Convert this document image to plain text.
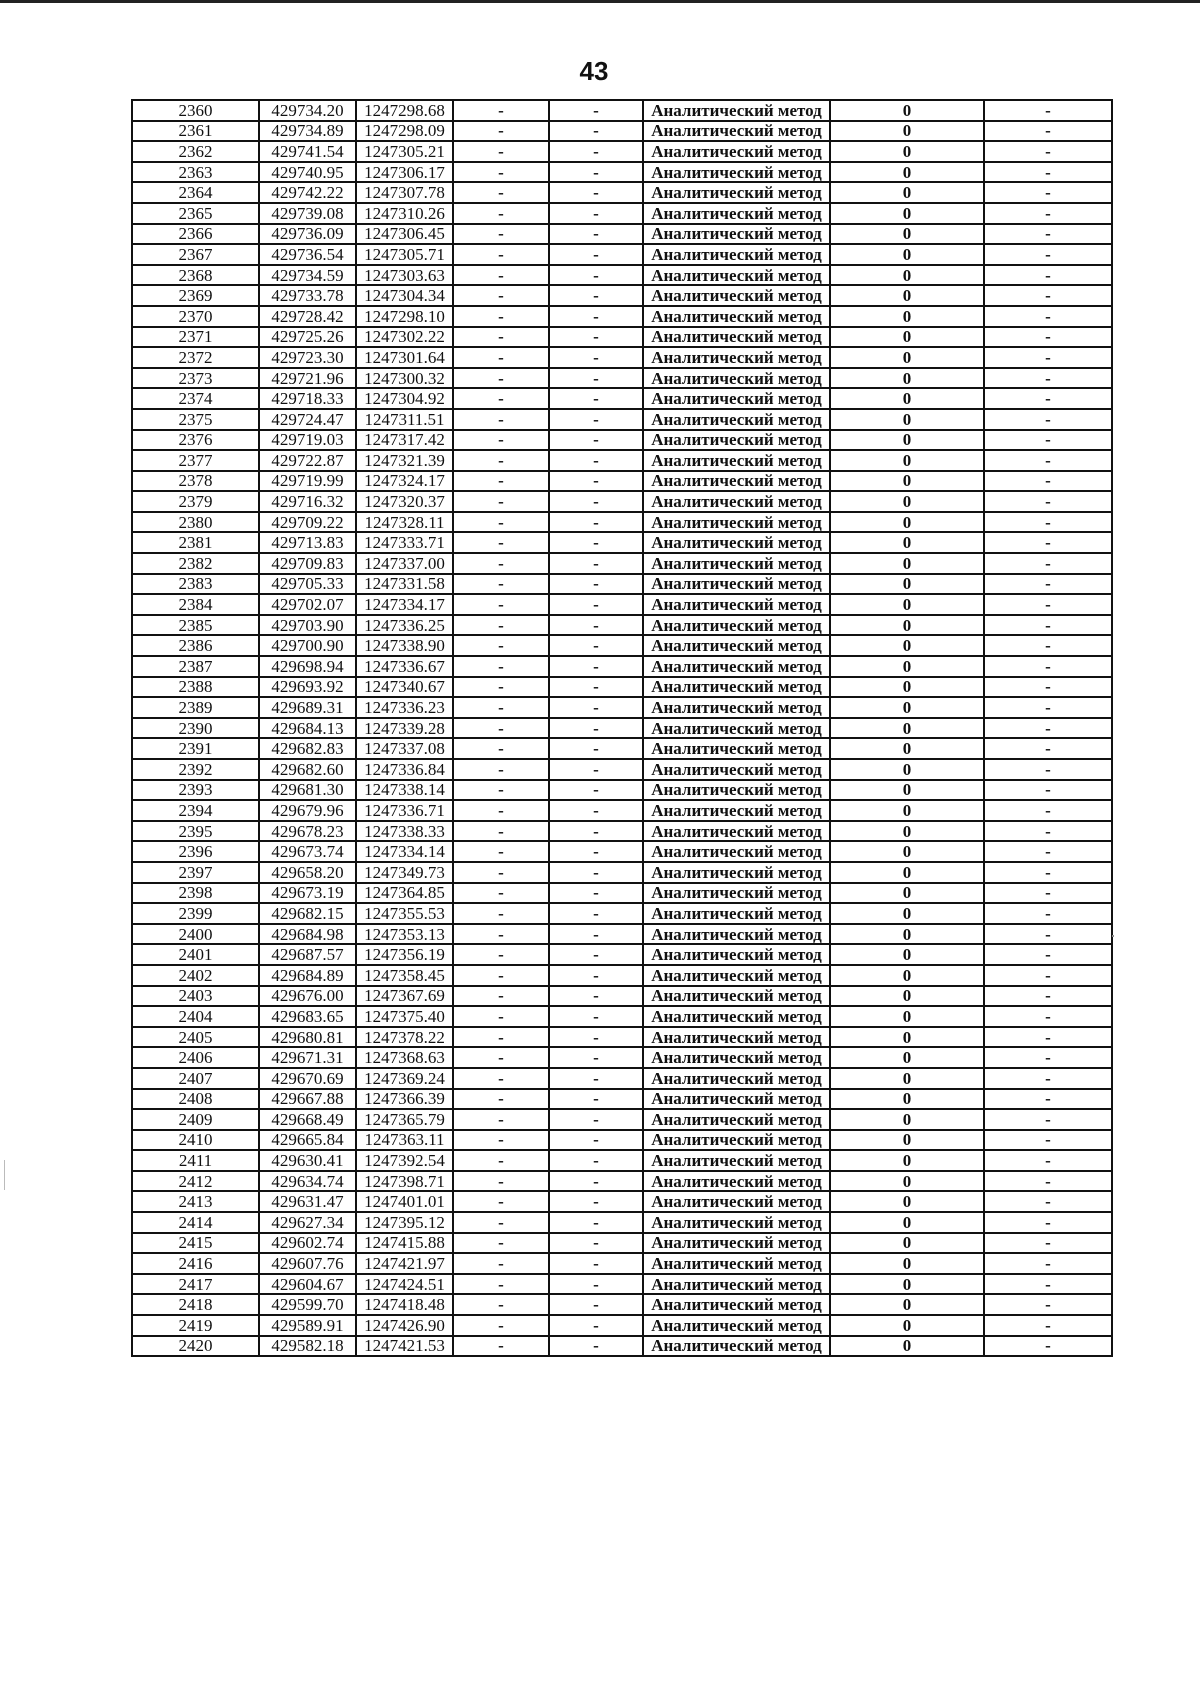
43
2360	429734.20	1247298.68	-	-	Аналитический метод	0	-
2361	429734.89	1247298.09	-	-	Аналитический метод	0	-
2362	429741.54	1247305.21	-	-	Аналитический метод	0	-
2363	429740.95	1247306.17	-	-	Аналитический метод	0	-
2364	429742.22	1247307.78	-	-	Аналитический метод	0	-
2365	429739.08	1247310.26	-	-	Аналитический метод	0	-
2366	429736.09	1247306.45	-	-	Аналитический метод	0	-
2367	429736.54	1247305.71	-	-	Аналитический метод	0	-
2368	429734.59	1247303.63	-	-	Аналитический метод	0	-
2369	429733.78	1247304.34	-	-	Аналитический метод	0	-
2370	429728.42	1247298.10	-	-	Аналитический метод	0	-
2371	429725.26	1247302.22	-	-	Аналитический метод	0	-
2372	429723.30	1247301.64	-	-	Аналитический метод	0	-
2373	429721.96	1247300.32	-	-	Аналитический метод	0	-
2374	429718.33	1247304.92	-	-	Аналитический метод	0	-
2375	429724.47	1247311.51	-	-	Аналитический метод	0	-
2376	429719.03	1247317.42	-	-	Аналитический метод	0	-
2377	429722.87	1247321.39	-	-	Аналитический метод	0	-
2378	429719.99	1247324.17	-	-	Аналитический метод	0	-
2379	429716.32	1247320.37	-	-	Аналитический метод	0	-
2380	429709.22	1247328.11	-	-	Аналитический метод	0	-
2381	429713.83	1247333.71	-	-	Аналитический метод	0	-
2382	429709.83	1247337.00	-	-	Аналитический метод	0	-
2383	429705.33	1247331.58	-	-	Аналитический метод	0	-
2384	429702.07	1247334.17	-	-	Аналитический метод	0	-
2385	429703.90	1247336.25	-	-	Аналитический метод	0	-
2386	429700.90	1247338.90	-	-	Аналитический метод	0	-
2387	429698.94	1247336.67	-	-	Аналитический метод	0	-
2388	429693.92	1247340.67	-	-	Аналитический метод	0	-
2389	429689.31	1247336.23	-	-	Аналитический метод	0	-
2390	429684.13	1247339.28	-	-	Аналитический метод	0	-
2391	429682.83	1247337.08	-	-	Аналитический метод	0	-
2392	429682.60	1247336.84	-	-	Аналитический метод	0	-
2393	429681.30	1247338.14	-	-	Аналитический метод	0	-
2394	429679.96	1247336.71	-	-	Аналитический метод	0	-
2395	429678.23	1247338.33	-	-	Аналитический метод	0	-
2396	429673.74	1247334.14	-	-	Аналитический метод	0	-
2397	429658.20	1247349.73	-	-	Аналитический метод	0	-
2398	429673.19	1247364.85	-	-	Аналитический метод	0	-
2399	429682.15	1247355.53	-	-	Аналитический метод	0	-
2400	429684.98	1247353.13	-	-	Аналитический метод	0	-
2401	429687.57	1247356.19	-	-	Аналитический метод	0	-
2402	429684.89	1247358.45	-	-	Аналитический метод	0	-
2403	429676.00	1247367.69	-	-	Аналитический метод	0	-
2404	429683.65	1247375.40	-	-	Аналитический метод	0	-
2405	429680.81	1247378.22	-	-	Аналитический метод	0	-
2406	429671.31	1247368.63	-	-	Аналитический метод	0	-
2407	429670.69	1247369.24	-	-	Аналитический метод	0	-
2408	429667.88	1247366.39	-	-	Аналитический метод	0	-
2409	429668.49	1247365.79	-	-	Аналитический метод	0	-
2410	429665.84	1247363.11	-	-	Аналитический метод	0	-
2411	429630.41	1247392.54	-	-	Аналитический метод	0	-
2412	429634.74	1247398.71	-	-	Аналитический метод	0	-
2413	429631.47	1247401.01	-	-	Аналитический метод	0	-
2414	429627.34	1247395.12	-	-	Аналитический метод	0	-
2415	429602.74	1247415.88	-	-	Аналитический метод	0	-
2416	429607.76	1247421.97	-	-	Аналитический метод	0	-
2417	429604.67	1247424.51	-	-	Аналитический метод	0	-
2418	429599.70	1247418.48	-	-	Аналитический метод	0	-
2419	429589.91	1247426.90	-	-	Аналитический метод	0	-
2420	429582.18	1247421.53	-	-	Аналитический метод	0	-
